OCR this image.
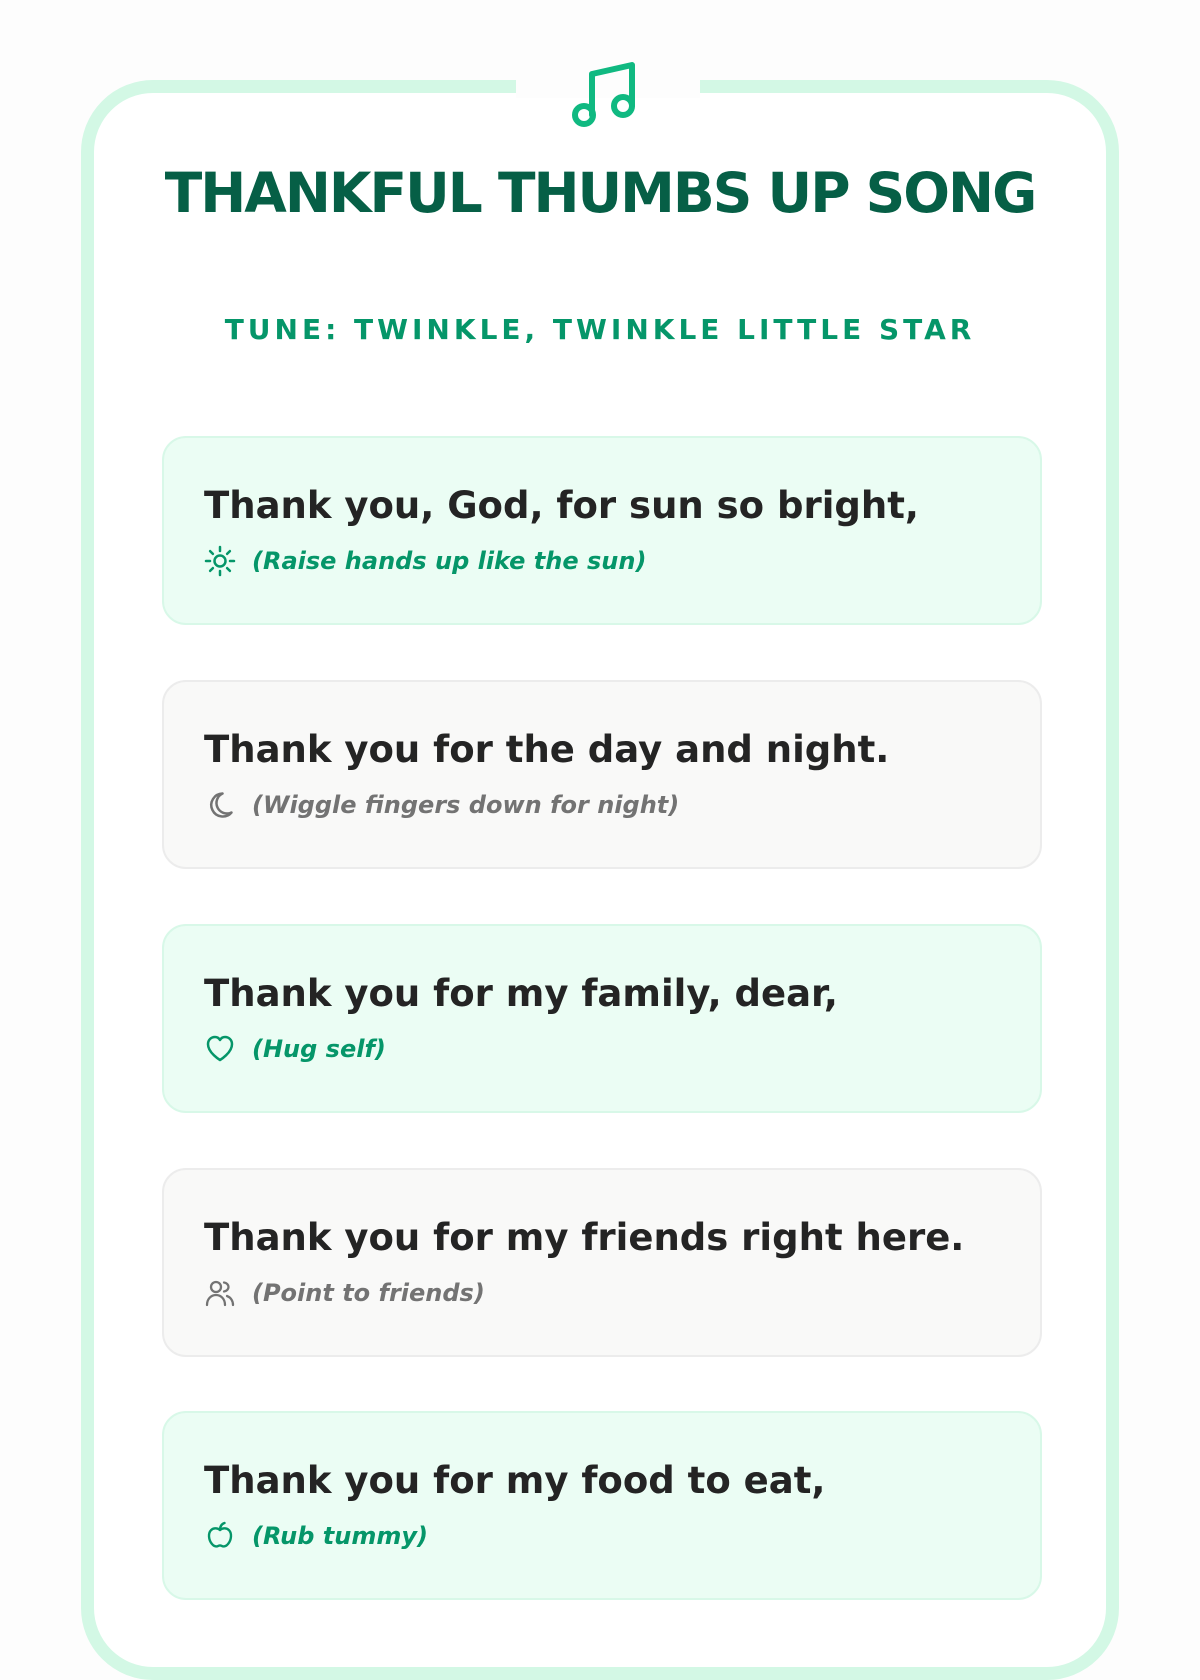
THANKFUL THUMBS UP SONG
TUNE: TWINKLE, TWINKLE LITTLE STAR
Thank you, God, for sun so bright,
(Raise hands up like the sun)
Thank you for the day and night.
(Wiggle fingers down for night)
Thank you for my family, dear,
(Hug self)
Thank you for my friends right here.
(Point to friends)
Thank you for my food to eat,
(Rub tummy)
